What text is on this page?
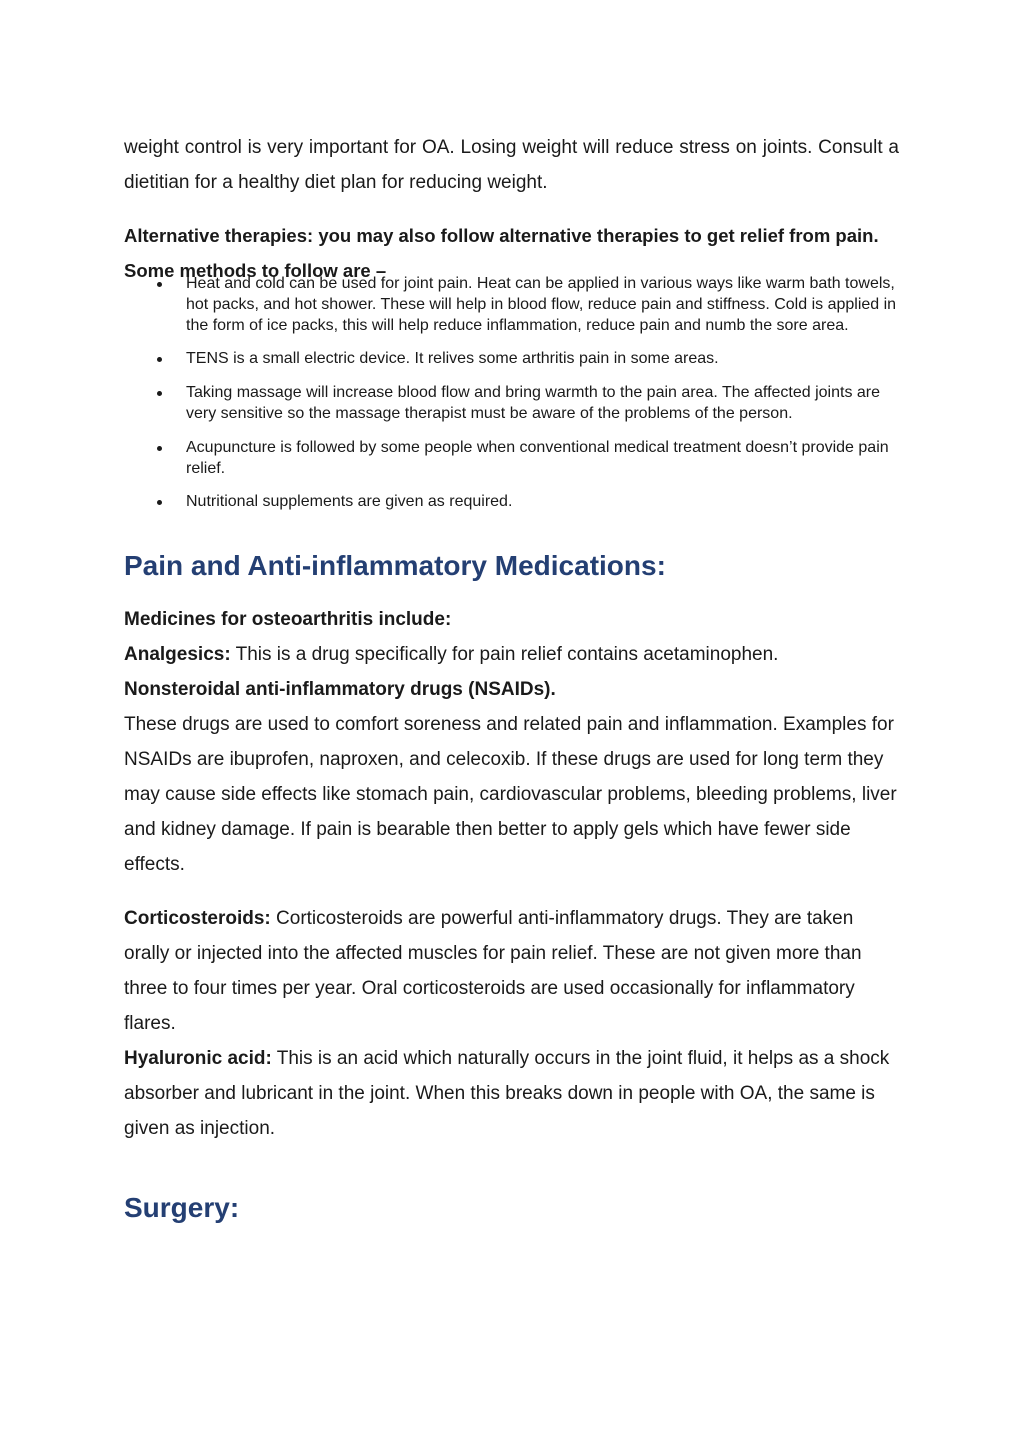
weight control is very important for OA. Losing weight will reduce stress on joints. Consult a dietitian for a healthy diet plan for reducing weight.

Alternative therapies: you may also follow alternative therapies to get relief from pain. Some methods to follow are –

Heat and cold can be used for joint pain. Heat can be applied in various ways like warm bath towels, hot packs, and hot shower. These will help in blood flow, reduce pain and stiffness. Cold is applied in the form of ice packs, this will help reduce inflammation, reduce pain and numb the sore area.
TENS is a small electric device. It relives some arthritis pain in some areas.
Taking massage will increase blood flow and bring warmth to the pain area. The affected joints are very sensitive so the massage therapist must be aware of the problems of the person.
Acupuncture is followed by some people when conventional medical treatment doesn’t provide pain relief.
Nutritional supplements are given as required.
Pain and Anti-inflammatory Medications:

Medicines for osteoarthritis include:

Analgesics: This is a drug specifically for pain relief contains acetaminophen.

Nonsteroidal anti-inflammatory drugs (NSAIDs).

These drugs are used to comfort soreness and related pain and inflammation. Examples for NSAIDs are ibuprofen, naproxen, and celecoxib. If these drugs are used for long term they may cause side effects like stomach pain, cardiovascular problems, bleeding problems, liver and kidney damage. If pain is bearable then better to apply gels which have fewer side effects.

Corticosteroids: Corticosteroids are powerful anti-inflammatory drugs. They are taken orally or injected into the affected muscles for pain relief. These are not given more than three to four times per year. Oral corticosteroids are used occasionally for inflammatory flares.

Hyaluronic acid: This is an acid which naturally occurs in the joint fluid, it helps as a shock absorber and lubricant in the joint. When this breaks down in people with OA, the same is given as injection.

Surgery:
